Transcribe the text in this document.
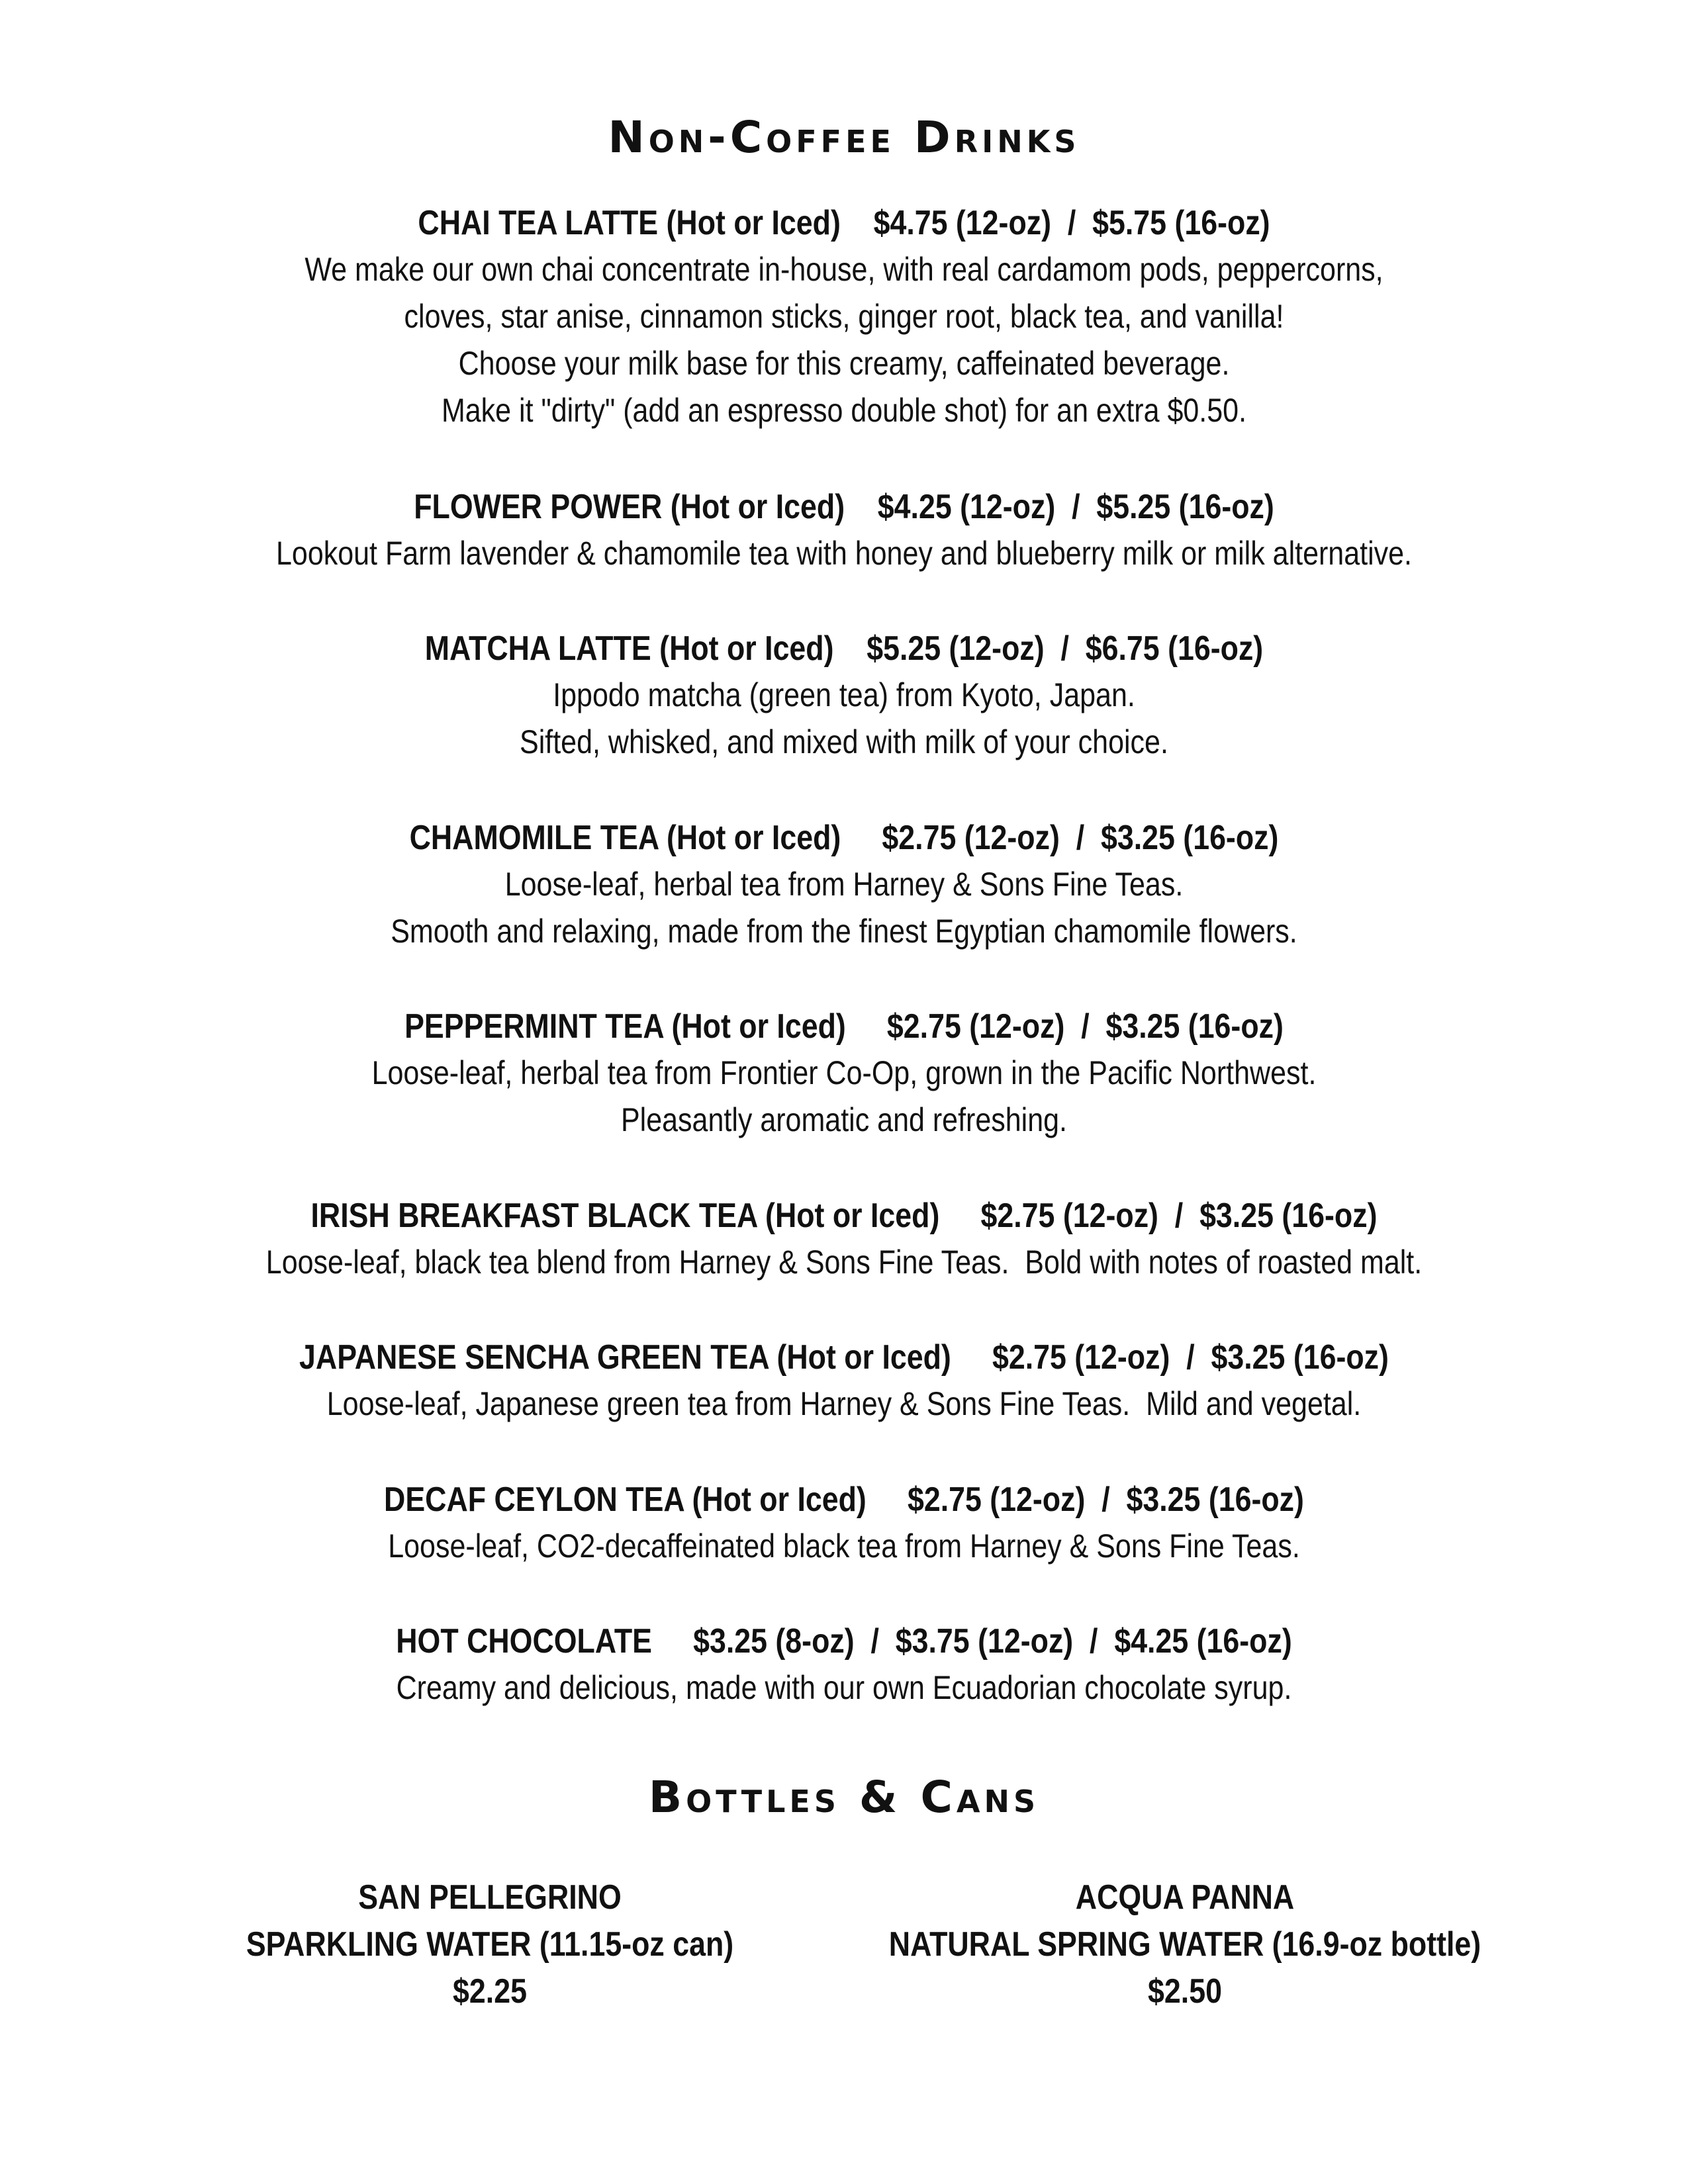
Non-Coffee Drinks
CHAI TEA LATTE (Hot or Iced)    $4.75 (12-oz)  /  $5.75 (16-oz)
We make our own chai concentrate in-house, with real cardamom pods, peppercorns,
cloves, star anise, cinnamon sticks, ginger root, black tea, and vanilla!
Choose your milk base for this creamy, caffeinated beverage.
Make it "dirty" (add an espresso double shot) for an extra $0.50.
FLOWER POWER (Hot or Iced)    $4.25 (12-oz)  /  $5.25 (16-oz)
Lookout Farm lavender & chamomile tea with honey and blueberry milk or milk alternative.
MATCHA LATTE (Hot or Iced)    $5.25 (12-oz)  /  $6.75 (16-oz)
Ippodo matcha (green tea) from Kyoto, Japan.
Sifted, whisked, and mixed with milk of your choice.
CHAMOMILE TEA (Hot or Iced)     $2.75 (12-oz)  /  $3.25 (16-oz)
Loose-leaf, herbal tea from Harney & Sons Fine Teas.
Smooth and relaxing, made from the finest Egyptian chamomile flowers.
PEPPERMINT TEA (Hot or Iced)     $2.75 (12-oz)  /  $3.25 (16-oz)
Loose-leaf, herbal tea from Frontier Co-Op, grown in the Pacific Northwest.
Pleasantly aromatic and refreshing.
IRISH BREAKFAST BLACK TEA (Hot or Iced)     $2.75 (12-oz)  /  $3.25 (16-oz)
Loose-leaf, black tea blend from Harney & Sons Fine Teas.  Bold with notes of roasted malt.
JAPANESE SENCHA GREEN TEA (Hot or Iced)     $2.75 (12-oz)  /  $3.25 (16-oz)
Loose-leaf, Japanese green tea from Harney & Sons Fine Teas.  Mild and vegetal.
DECAF CEYLON TEA (Hot or Iced)     $2.75 (12-oz)  /  $3.25 (16-oz)
Loose-leaf, CO2-decaffeinated black tea from Harney & Sons Fine Teas.
HOT CHOCOLATE     $3.25 (8-oz)  /  $3.75 (12-oz)  /  $4.25 (16-oz)
Creamy and delicious, made with our own Ecuadorian chocolate syrup.
Bottles & Cans
SAN PELLEGRINO
SPARKLING WATER (11.15-oz can)
$2.25
ACQUA PANNA
NATURAL SPRING WATER (16.9-oz bottle)
$2.50
